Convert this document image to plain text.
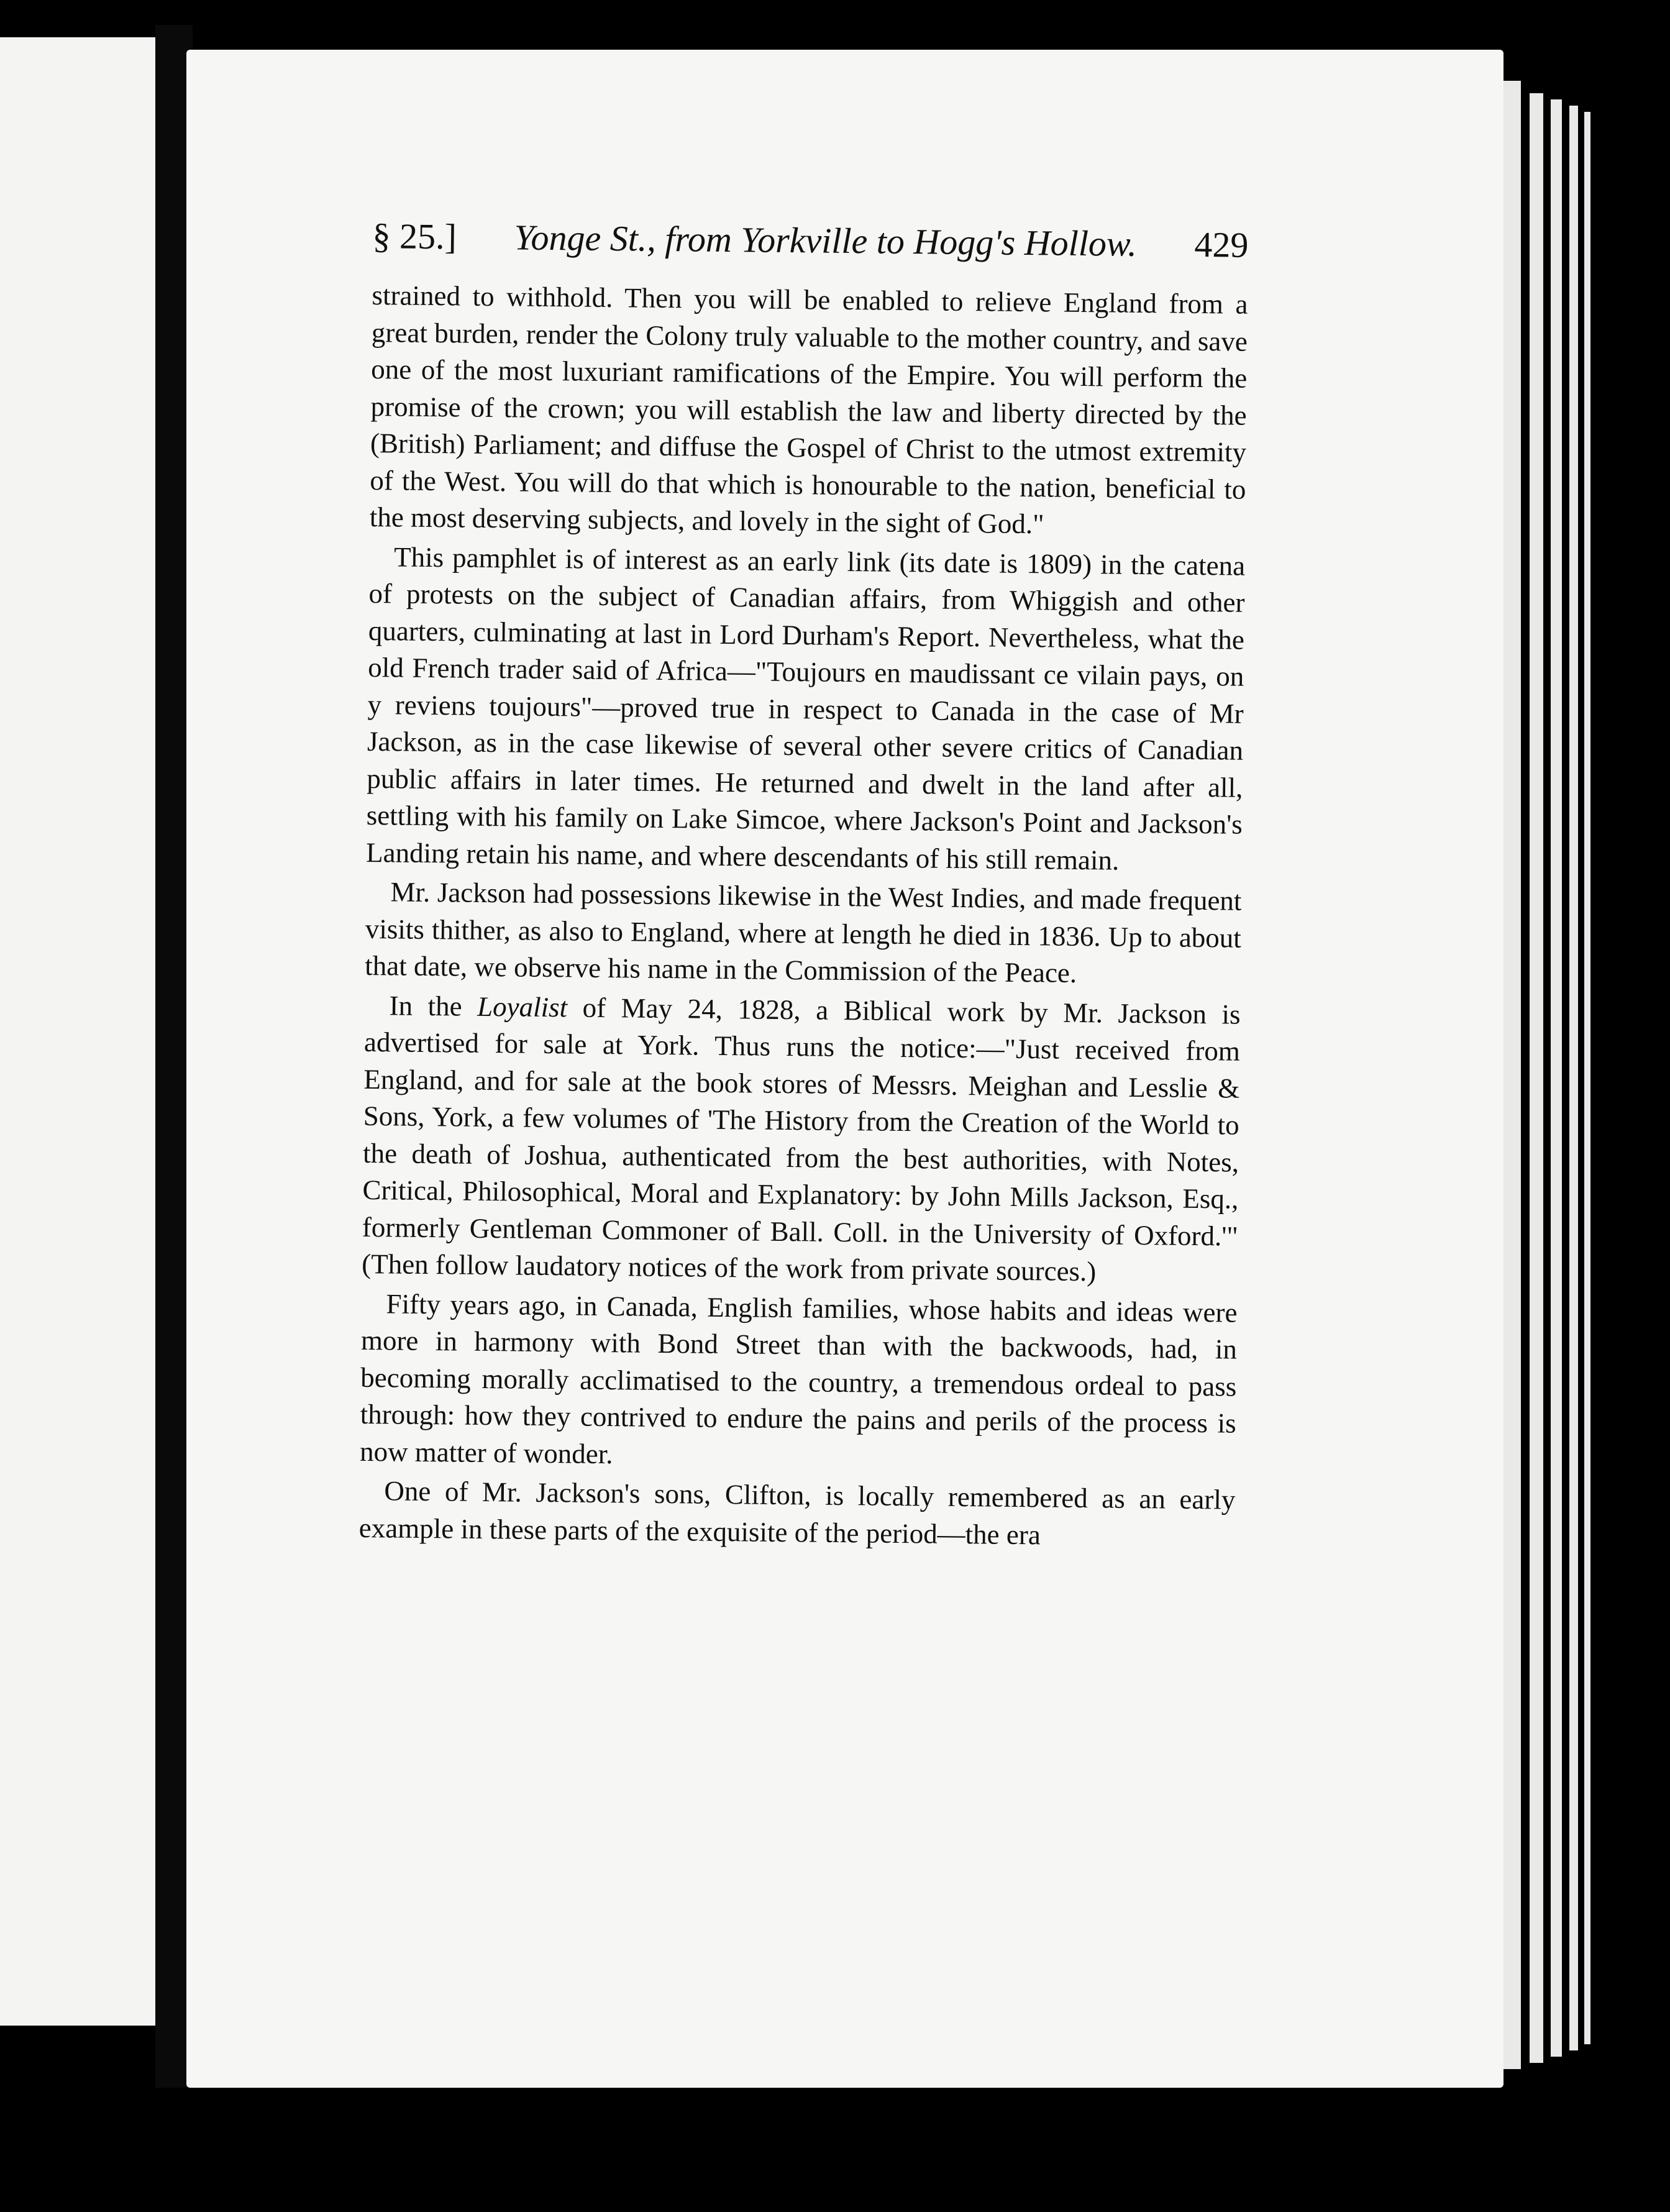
§ 25.] Yonge St., from Yorkville to Hogg's Hollow. 429

strained to withhold. Then you will be enabled to relieve England from a great burden, render the Colony truly valuable to the mother country, and save one of the most luxuriant ramifications of the Empire. You will perform the promise of the crown; you will establish the law and liberty directed by the (British) Parliament; and diffuse the Gospel of Christ to the utmost extremity of the West. You will do that which is honourable to the nation, beneficial to the most deserving subjects, and lovely in the sight of God."

This pamphlet is of interest as an early link (its date is 1809) in the catena of protests on the subject of Canadian affairs, from Whiggish and other quarters, culminating at last in Lord Durham's Report. Nevertheless, what the old French trader said of Africa—"Toujours en maudissant ce vilain pays, on y reviens toujours"—proved true in respect to Canada in the case of Mr Jackson, as in the case likewise of several other severe critics of Canadian public affairs in later times. He returned and dwelt in the land after all, settling with his family on Lake Simcoe, where Jackson's Point and Jackson's Landing retain his name, and where descendants of his still remain.

Mr. Jackson had possessions likewise in the West Indies, and made frequent visits thither, as also to England, where at length he died in 1836. Up to about that date, we observe his name in the Commission of the Peace.

In the Loyalist of May 24, 1828, a Biblical work by Mr. Jackson is advertised for sale at York. Thus runs the notice:—"Just received from England, and for sale at the book stores of Messrs. Meighan and Lesslie & Sons, York, a few volumes of 'The History from the Creation of the World to the death of Joshua, authenticated from the best authorities, with Notes, Critical, Philosophical, Moral and Explanatory: by John Mills Jackson, Esq., formerly Gentleman Commoner of Ball. Coll. in the University of Oxford.'" (Then follow laudatory notices of the work from private sources.)

Fifty years ago, in Canada, English families, whose habits and ideas were more in harmony with Bond Street than with the backwoods, had, in becoming morally acclimatised to the country, a tremendous ordeal to pass through: how they contrived to endure the pains and perils of the process is now matter of wonder.

One of Mr. Jackson's sons, Clifton, is locally remembered as an early example in these parts of the exquisite of the period—the era
